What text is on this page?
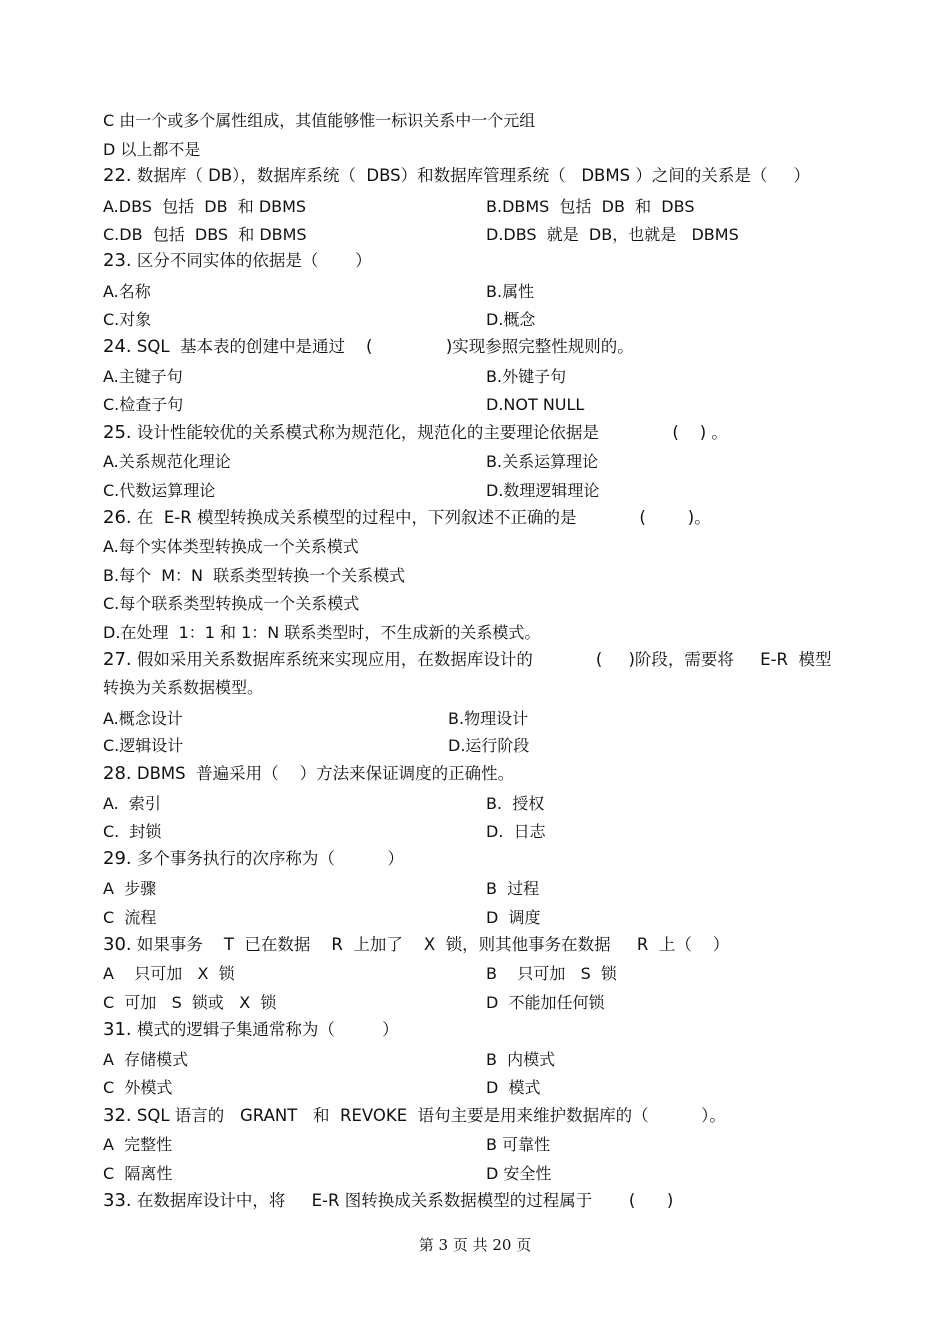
C 由一个或多个属性组成，其值能够惟一标识关系中一个元组
D 以上都不是
22. 数据库（ DB），数据库系统（  DBS）和数据库管理系统（   DBMS ）之间的关系是（     ）
A.DBS  包括  DB  和 DBMS	B.DBMS  包括  DB  和  DBS
C.DB  包括  DBS  和 DBMS	D.DBS  就是  DB，也就是   DBMS
23. 区分不同实体的依据是（       ）
A.名称	B.属性
C.对象	D.概念
24. SQL  基本表的创建中是通过    (              )实现参照完整性规则的。
A.主键子句	B.外键子句
C.检查子句	D.NOT NULL
25. 设计性能较优的关系模式称为规范化，规范化的主要理论依据是              (    ) 。
A.关系规范化理论	B.关系运算理论
C.代数运算理论	D.数理逻辑理论
26. 在  E-R 模型转换成关系模型的过程中，下列叙述不正确的是            (        )。
A.每个实体类型转换成一个关系模式
B.每个  M：N  联系类型转换一个关系模式
C.每个联系类型转换成一个关系模式
D.在处理  1：1 和 1：N 联系类型时，不生成新的关系模式。
27. 假如采用关系数据库系统来实现应用，在数据库设计的            (     )阶段，需要将     E-R  模型
转换为关系数据模型。
A.概念设计	B.物理设计
C.逻辑设计	D.运行阶段
28. DBMS  普遍采用（    ）方法来保证调度的正确性。
A.  索引	B.  授权
C.  封锁	D.  日志
29. 多个事务执行的次序称为（          ）
A  步骤	B  过程
C  流程	D  调度
30. 如果事务    T  已在数据    R  上加了    X  锁，则其他事务在数据     R  上（    ）
A    只可加   X  锁	B    只可加   S  锁
C  可加   S  锁或   X  锁	D  不能加任何锁
31. 模式的逻辑子集通常称为（         ）
A  存储模式	B  内模式
C  外模式	D  模式
32. SQL 语言的   GRANT   和  REVOKE  语句主要是用来维护数据库的（          ）。
A  完整性	B 可靠性
C  隔离性	D 安全性
33. 在数据库设计中，将     E-R 图转换成关系数据模型的过程属于       (      )
第 3 页 共 20 页
